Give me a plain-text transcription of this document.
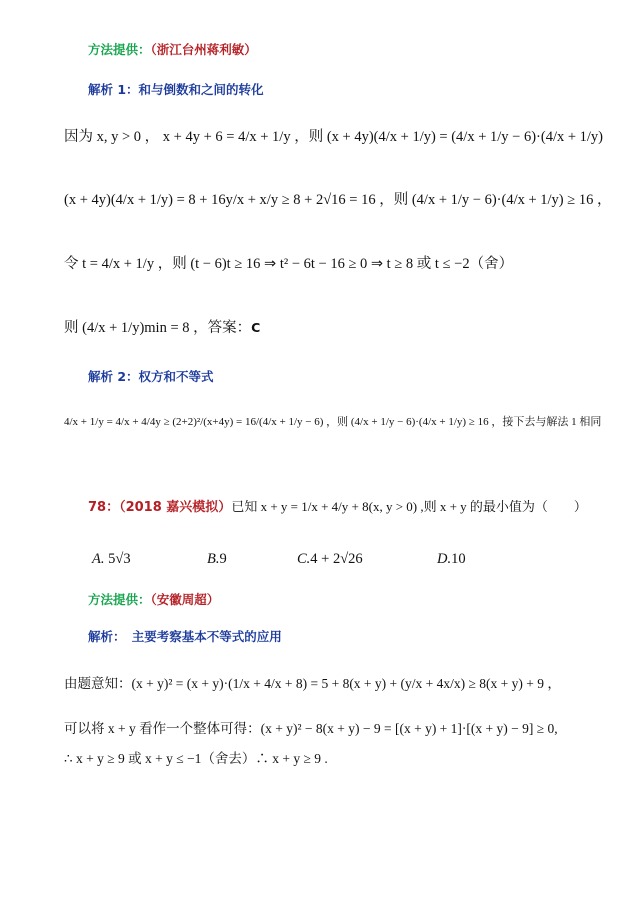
方法提供：（浙江台州蒋利敏）
解析 1：和与倒数和之间的转化
因为 x, y > 0 ， x + 4y + 6 = 4/x + 1/y ，则 (x + 4y)(4/x + 1/y) = (4/x + 1/y − 6)·(4/x + 1/y)
(x + 4y)(4/x + 1/y) = 8 + 16y/x + x/y ≥ 8 + 2√16 = 16 ，则 (4/x + 1/y − 6)·(4/x + 1/y) ≥ 16 ，
令 t = 4/x + 1/y ，则 (t − 6)t ≥ 16 ⇒ t² − 6t − 16 ≥ 0 ⇒ t ≥ 8 或 t ≤ −2（舍）
则 (4/x + 1/y)min = 8 ，答案：C
解析 2：权方和不等式
4/x + 1/y = 4/x + 4/4y ≥ (2+2)²/(x+4y) = 16/(4/x + 1/y − 6) ，则 (4/x + 1/y − 6)·(4/x + 1/y) ≥ 16 ，接下去与解法 1 相同
78：（2018 嘉兴模拟）已知 x + y = 1/x + 4/y + 8(x, y > 0) ,则 x + y 的最小值为（　　）
A. 5√3	B.9	C.4 + 2√26	D.10
方法提供：（安徽周超）
解析：　主要考察基本不等式的应用
由题意知：(x + y)² = (x + y)·(1/x + 4/x + 8) = 5 + 8(x + y) + (y/x + 4x/x) ≥ 8(x + y) + 9 ，
可以将 x + y 看作一个整体可得：(x + y)² − 8(x + y) − 9 = [(x + y) + 1]·[(x + y) − 9] ≥ 0,
∴ x + y ≥ 9 或 x + y ≤ −1（舍去）∴ x + y ≥ 9 .
